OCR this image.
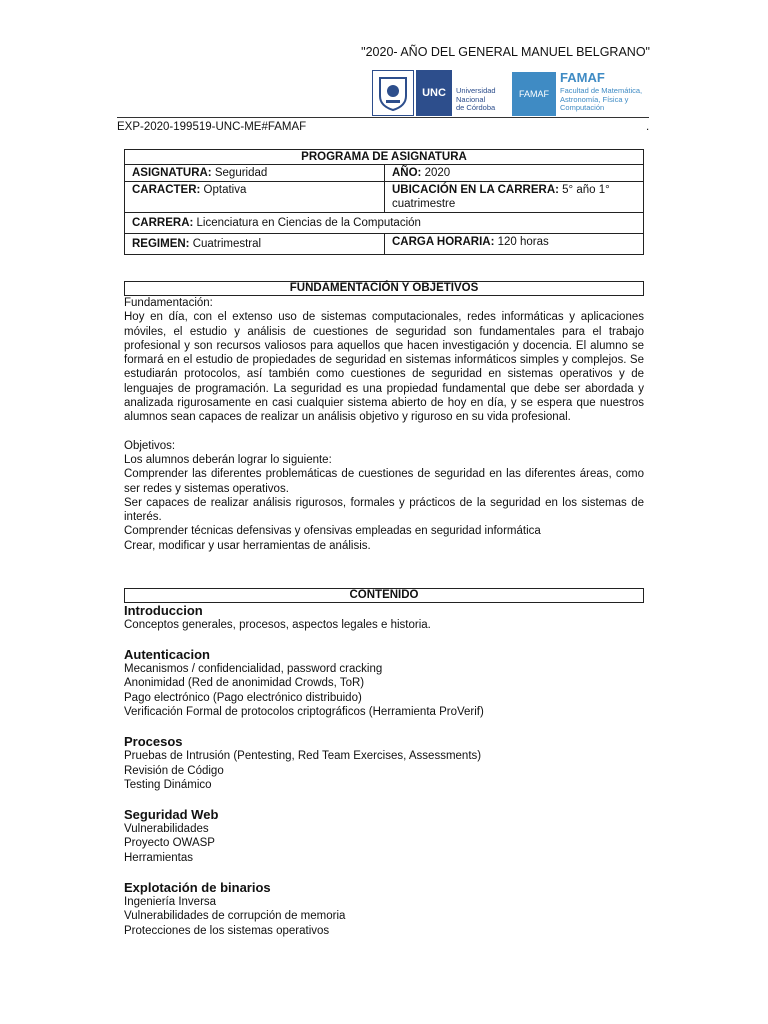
"2020- AÑO DEL GENERAL MANUEL BELGRANO"
UNC Universidad
Nacional
de Córdoba
FAMAF
FAMAF
Facultad de Matemática,
Astronomía, Física y
Computación
EXP-2020-199519-UNC-ME#FAMAF	.
PROGRAMA DE ASIGNATURA	
ASIGNATURA: Seguridad	AÑO: 2020
CARACTER: Optativa	UBICACIÓN EN LA CARRERA: 5° año 1° cuatrimestre
CARRERA: Licenciatura en Ciencias de la Computación	
REGIMEN: Cuatrimestral	CARGA HORARIA: 120 horas
FUNDAMENTACIÓN Y OBJETIVOS
Fundamentación:
Hoy en día, con el extenso uso de sistemas computacionales, redes informáticas y aplicaciones móviles, el estudio y análisis de cuestiones de seguridad son fundamentales para el trabajo profesional y son recursos valiosos para aquellos que hacen investigación y docencia. El alumno se formará en el estudio de propiedades de seguridad en sistemas informáticos simples y complejos. Se estudiarán protocolos, así también como cuestiones de seguridad en sistemas operativos y de lenguajes de programación. La seguridad es una propiedad fundamental que debe ser abordada y analizada rigurosamente en casi cualquier sistema abierto de hoy en día, y se espera que nuestros alumnos sean capaces de realizar un análisis objetivo y riguroso en su vida profesional.
Objetivos:
Los alumnos deberán lograr lo siguiente:
Comprender las diferentes problemáticas de cuestiones de seguridad en las diferentes áreas, como ser redes y sistemas operativos.
Ser capaces de realizar análisis rigurosos, formales y prácticos de la seguridad en los sistemas de interés.
Comprender técnicas defensivas y ofensivas empleadas en seguridad informática
Crear, modificar y usar herramientas de análisis.
CONTENIDO
Introduccion
Conceptos generales, procesos, aspectos legales e historia.
Autenticacion
Mecanismos / confidencialidad, password cracking
Anonimidad (Red de anonimidad Crowds, ToR)
Pago electrónico (Pago electrónico distribuido)
Verificación Formal de protocolos criptográficos (Herramienta ProVerif)
Procesos
Pruebas de Intrusión (Pentesting, Red Team Exercises, Assessments)
Revisión de Código
Testing Dinámico
Seguridad Web
Vulnerabilidades
Proyecto OWASP
Herramientas
Explotación de binarios
Ingeniería Inversa
Vulnerabilidades de corrupción de memoria
Protecciones de los sistemas operativos
